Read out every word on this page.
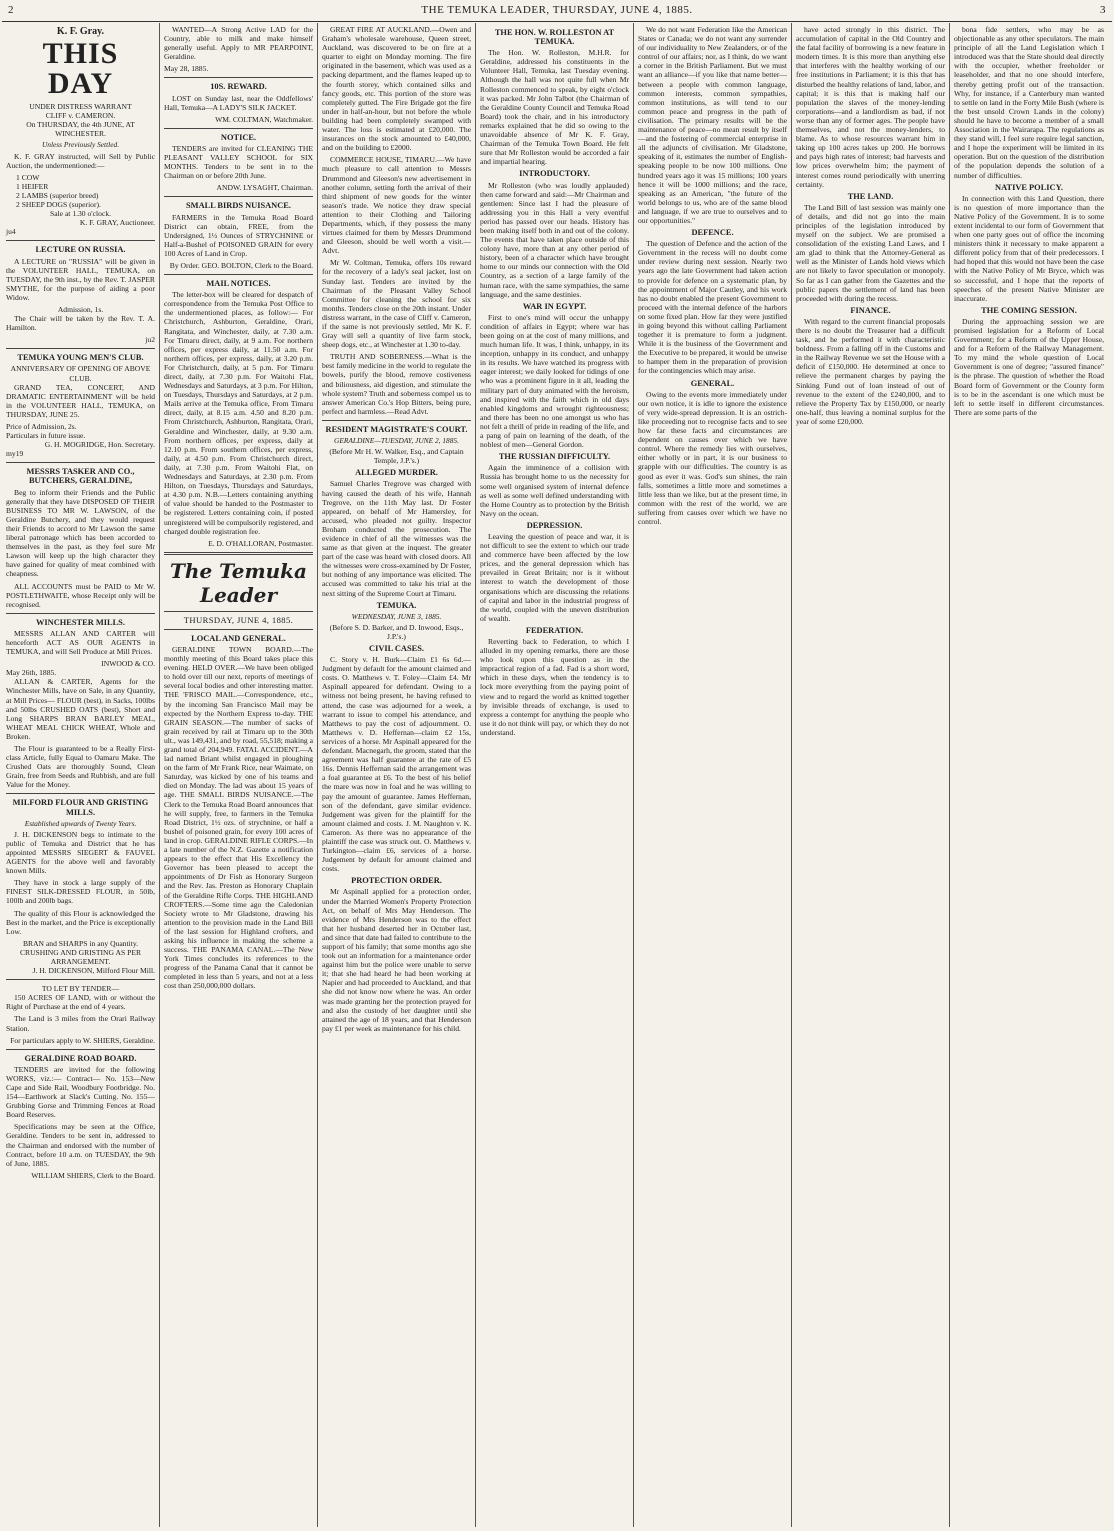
2	THE TEMUKA LEADER, THURSDAY, JUNE 4, 1885.	3
K. F. Gray.
THIS DAY
UNDER DISTRESS WARRANT
CLIFF v. CAMERON.
On THURSDAY, the 4th JUNE, AT WINCHESTER.
Unless Previously Settled.

K. F. GRAY instructed, will Sell by Public Auction, the undermentioned:—

1 COW

1 HEIFER

2 LAMBS (superior breed)

2 SHEEP DOGS (superior).

Sale at 1.30 o'clock.
K. F. GRAY, Auctioneer.
ju4
LECTURE ON RUSSIA.

A LECTURE on "RUSSIA" will be given in the VOLUNTEER HALL, TEMUKA, on TUESDAY, the 9th inst., by the Rev. T. JASPER SMYTHE, for the purpose of aiding a poor Widow.

Admission, 1s.

The Chair will be taken by the Rev. T. A. Hamilton.

ju2
TEMUKA YOUNG MEN'S CLUB.
ANNIVERSARY OF OPENING OF ABOVE CLUB.

GRAND TEA, CONCERT, AND DRAMATIC ENTERTAINMENT will be held in the VOLUNTEER HALL, TEMUKA, on THURSDAY, JUNE 25.

Price of Admission, 2s.
Particulars in future issue.
G. H. MOGRIDGE, Hon. Secretary.
my19
MESSRS TASKER AND CO., BUTCHERS, GERALDINE,

Beg to inform their Friends and the Public generally that they have DISPOSED OF THEIR BUSINESS TO MR W. LAWSON, of the Geraldine Butchery, and they would request their Friends to accord to Mr Lawson the same liberal patronage which has been accorded to themselves in the past, as they feel sure Mr Lawson will keep up the high character they have gained for quality of meat combined with cheapness.

ALL ACCOUNTS must be PAID to Mr W. POSTLETHWAITE, whose Receipt only will be recognised.

WINCHESTER MILLS.

MESSRS ALLAN AND CARTER will henceforth ACT AS OUR AGENTS in TEMUKA, and will Sell Produce at Mill Prices.

INWOOD & CO.
May 26th, 1885.

ALLAN & CARTER, Agents for the Winchester Mills, have on Sale, in any Quantity, at Mill Prices— FLOUR (best), in Sacks, 100lbs and 50lbs CRUSHED OATS (best), Short and Long SHARPS BRAN BARLEY MEAL, WHEAT MEAL CHICK WHEAT, Whole and Broken.

The Flour is guaranteed to be a Really First-class Article, fully Equal to Oamaru Make. The Crushed Oats are thoroughly Sound, Clean Grain, free from Seeds and Rubbish, and are full Value for the Money.

MILFORD FLOUR AND GRISTING MILLS.
Established upwards of Twenty Years.

J. H. DICKENSON begs to intimate to the public of Temuka and District that he has appointed MESSRS SIEGERT & FAUVEL AGENTS for the above well and favorably known Mills.

They have in stock a large supply of the FINEST SILK-DRESSED FLOUR, in 50lb, 100lb and 200lb bags.

The quality of this Flour is acknowledged the Best in the market, and the Price is exceptionally Low.

BRAN and SHARPS in any Quantity.
CRUSHING AND GRISTING AS PER ARRANGEMENT.
J. H. DICKENSON, Milford Flour Mill.
TO LET BY TENDER—

150 ACRES OF LAND, with or without the Right of Purchase at the end of 4 years.

The Land is 3 miles from the Orari Railway Station.

For particulars apply to W. SHIERS, Geraldine.
GERALDINE ROAD BOARD.

TENDERS are invited for the following WORKS, viz.:— Contract— No. 153—New Cape and Side Rail, Woodbury Footbridge. No. 154—Earthwork at Slack's Cutting. No. 155—Grubbing Gorse and Trimming Fences at Road Board Reserves.

Specifications may be seen at the Office, Geraldine. Tenders to be sent in, addressed to the Chairman and endorsed with the number of Contract, before 10 a.m. on TUESDAY, the 9th of June, 1885.

WILLIAM SHIERS, Clerk to the Board.

WANTED—A Strong Active LAD for the Country, able to milk and make himself generally useful. Apply to MR PEARPOINT, Geraldine.

May 28, 1885.
10S. REWARD.

LOST on Sunday last, near the Oddfellows' Hall, Temuka—A LADY'S SILK JACKET.

WM. COLTMAN, Watchmaker.
NOTICE.

TENDERS are invited for CLEANING THE PLEASANT VALLEY SCHOOL for SIX MONTHS. Tenders to be sent in to the Chairman on or before 20th June.

ANDW. LYSAGHT, Chairman.
SMALL BIRDS NUISANCE.

FARMERS in the Temuka Road Board District can obtain, FREE, from the Undersigned, 1½ Ounces of STRYCHNINE or Half-a-Bushel of POISONED GRAIN for every 100 Acres of Land in Crop.

By Order. GEO. BOLTON, Clerk to the Board.
MAIL NOTICES.

The letter-box will be cleared for despatch of correspondence from the Temuka Post Office to the undermentioned places, as follow:— For Christchurch, Ashburton, Geraldine, Orari, Rangitata, and Winchester, daily, at 7.30 a.m. For Timaru direct, daily, at 9 a.m. For northern offices, per express daily, at 11.50 a.m. For northern offices, per express, daily, at 3.20 p.m. For Christchurch, daily, at 5 p.m. For Timaru direct, daily, at 7.30 p.m. For Waitohi Flat, Wednesdays and Saturdays, at 3 p.m. For Hilton, on Tuesdays, Thursdays and Saturdays, at 2 p.m. Mails arrive at the Temuka office, From Timaru direct, daily, at 8.15 a.m. 4.50 and 8.20 p.m. From Christchurch, Ashburton, Rangitata, Orari, Geraldine and Winchester, daily, at 9.30 a.m. From northern offices, per express, daily at 12.10 p.m. From southern offices, per express, daily, at 4.50 p.m. From Christchurch direct, daily, at 7.30 p.m. From Waitohi Flat, on Wednesdays and Saturdays, at 2.30 p.m. From Hilton, on Tuesdays, Thursdays and Saturdays, at 4.30 p.m. N.B.—Letters containing anything of value should be handed to the Postmaster to be registered. Letters containing coin, if posted unregistered will be compulsorily registered, and charged double registration fee.

E. D. O'HALLORAN, Postmaster.
The Temuka Leader
THURSDAY, JUNE 4, 1885.
LOCAL AND GENERAL.

GERALDINE TOWN BOARD.—The monthly meeting of this Board takes place this evening. HELD OVER.—We have been obliged to hold over till our next, reports of meetings of several local bodies and other interesting matter. THE 'FRISCO MAIL.—Correspondence, etc., by the incoming San Francisco Mail may be expected by the Northern Express to-day. THE GRAIN SEASON.—The number of sacks of grain received by rail at Timaru up to the 30th ult., was 149,431, and by road, 55,518; making a grand total of 204,949. FATAL ACCIDENT.—A lad named Briant whilst engaged in ploughing on the farm of Mr Frank Rice, near Waimate, on Saturday, was kicked by one of his teams and died on Monday. The lad was about 15 years of age. THE SMALL BIRDS NUISANCE.—The Clerk to the Temuka Road Board announces that he will supply, free, to farmers in the Temuka Road District, 1½ ozs. of strychnine, or half a bushel of poisoned grain, for every 100 acres of land in crop. GERALDINE RIFLE CORPS.—In a late number of the N.Z. Gazette a notification appears to the effect that His Excellency the Governor has been pleased to accept the appointments of Dr Fish as Honorary Surgeon and the Rev. Jas. Preston as Honorary Chaplain of the Geraldine Rifle Corps. THE HIGHLAND CROFTERS.—Some time ago the Caledonian Society wrote to Mr Gladstone, drawing his attention to the provision made in the Land Bill of the last session for Highland crofters, and asking his influence in making the scheme a success. THE PANAMA CANAL.—The New York Times concludes its references to the progress of the Panama Canal that it cannot be completed in less than 5 years, and not at a less cost than 250,000,000 dollars.

GREAT FIRE AT AUCKLAND.—Owen and Graham's wholesale warehouse, Queen street, Auckland, was discovered to be on fire at a quarter to eight on Monday morning. The fire originated in the basement, which was used as a packing department, and the flames leaped up to the fourth storey, which contained silks and fancy goods, etc. This portion of the store was completely gutted. The Fire Brigade got the fire under in half-an-hour, but not before the whole building had been completely swamped with water. The loss is estimated at £20,000. The insurances on the stock amounted to £40,000, and on the building to £2000.

COMMERCE HOUSE, TIMARU.—We have much pleasure to call attention to Messrs Drummond and Gleeson's new advertisement in another column, setting forth the arrival of their third shipment of new goods for the winter season's trade. We notice they draw special attention to their Clothing and Tailoring Departments, which, if they possess the many virtues claimed for them by Messrs Drummond and Gleeson, should be well worth a visit.—Advt.

Mr W. Coltman, Temuka, offers 10s reward for the recovery of a lady's seal jacket, lost on Sunday last. Tenders are invited by the Chairman of the Pleasant Valley School Committee for cleaning the school for six months. Tenders close on the 20th instant. Under distress warrant, in the case of Cliff v. Cameron, if the same is not previously settled, Mr K. F. Gray will sell a quantity of live farm stock, sheep dogs, etc., at Winchester at 1.30 to-day.

TRUTH AND SOBERNESS.—What is the best family medicine in the world to regulate the bowels, purify the blood, remove costiveness and biliousness, aid digestion, and stimulate the whole system? Truth and soberness compel us to answer American Co.'s Hop Bitters, being pure, perfect and harmless.—Read Advt.

RESIDENT MAGISTRATE'S COURT.
GERALDINE—TUESDAY, JUNE 2, 1885.
(Before Mr H. W. Walker, Esq., and Captain Temple, J.P.'s.)
ALLEGED MURDER.

Samuel Charles Tregrove was charged with having caused the death of his wife, Hannah Tregrove, on the 11th May last. Dr Foster appeared, on behalf of Mr Hamersley, for accused, who pleaded not guilty. Inspector Broham conducted the prosecution. The evidence in chief of all the witnesses was the same as that given at the inquest. The greater part of the case was heard with closed doors. All the witnesses were cross-examined by Dr Foster, but nothing of any importance was elicited. The accused was committed to take his trial at the next sitting of the Supreme Court at Timaru.

TEMUKA.
WEDNESDAY, JUNE 3, 1885.
(Before S. D. Barker, and D. Inwood, Esqs., J.P.'s.)
CIVIL CASES.

C. Story v. H. Burk—Claim £1 6s 6d.—Judgment by default for the amount claimed and costs. O. Matthews v. T. Foley—Claim £4. Mr Aspinall appeared for defendant. Owing to a witness not being present, he having refused to attend, the case was adjourned for a week, a warrant to issue to compel his attendance, and Matthews to pay the cost of adjournment. O. Matthews v. D. Heffernan—claim £2 15s, services of a horse. Mr Aspinall appeared for the defendant. Macnegarh, the groom, stated that the agreement was half guarantee at the rate of £5 16s. Dennis Heffernan said the arrangement was a foal guarantee at £6. To the best of his belief the mare was now in foal and he was willing to pay the amount of guarantee. James Heffernan, son of the defendant, gave similar evidence. Judgement was given for the plaintiff for the amount claimed and costs. J. M. Naughton v. K. Cameron. As there was no appearance of the plaintiff the case was struck out. O. Matthews v. Turkington—claim £6, services of a horse. Judgement by default for amount claimed and costs.

PROTECTION ORDER.

Mr Aspinall applied for a protection order, under the Married Women's Property Protection Act, on behalf of Mrs May Henderson. The evidence of Mrs Henderson was to the effect that her husband deserted her in October last, and since that date had failed to contribute to the support of his family; that some months ago she took out an information for a maintenance order against him but the police were unable to serve it; that she had heard he had been working at Napier and had proceeded to Auckland, and that she did not know now where he was. An order was made granting her the protection prayed for and also the custody of her daughter until she attained the age of 18 years, and that Henderson pay £1 per week as maintenance for his child.

THE HON. W. ROLLESTON AT TEMUKA.

The Hon. W. Rolleston, M.H.R. for Geraldine, addressed his constituents in the Volunteer Hall, Temuka, last Tuesday evening. Although the hall was not quite full when Mr Rolleston commenced to speak, by eight o'clock it was packed. Mr John Talbot (the Chairman of the Geraldine County Council and Temuka Road Board) took the chair, and in his introductory remarks explained that he did so owing to the unavoidable absence of Mr K. F. Gray, Chairman of the Temuka Town Board. He felt sure that Mr Rolleston would be accorded a fair and impartial hearing.

INTRODUCTORY.

Mr Rolleston (who was loudly applauded) then came forward and said:—Mr Chairman and gentlemen: Since last I had the pleasure of addressing you in this Hall a very eventful period has passed over our heads. History has been making itself both in and out of the colony. The events that have taken place outside of this colony have, more than at any other period of history, been of a character which have brought home to our minds our connection with the Old Country, as a section of a large family of the human race, with the same sympathies, the same language, and the same destinies.

WAR IN EGYPT.

First to one's mind will occur the unhappy condition of affairs in Egypt; where war has been going on at the cost of many millions, and much human life. It was, I think, unhappy, in its inception, unhappy in its conduct, and unhappy in its results. We have watched its progress with eager interest; we daily looked for tidings of one who was a prominent figure in it all, leading the military part of duty animated with the heroism, and inspired with the faith which in old days enabled kingdoms and wrought righteousness; and there has been no one amongst us who has not felt a thrill of pride in reading of the life, and a pang of pain on learning of the death, of the noblest of men—General Gordon.

THE RUSSIAN DIFFICULTY.

Again the imminence of a collision with Russia has brought home to us the necessity for some well organised system of internal defence as well as some well defined understanding with the Home Country as to protection by the British Navy on the ocean.

DEPRESSION.

Leaving the question of peace and war, it is not difficult to see the extent to which our trade and commerce have been affected by the low prices, and the general depression which has prevailed in Great Britain; nor is it without interest to watch the development of those organisations which are discussing the relations of capital and labor in the industrial progress of the world, coupled with the uneven distribution of wealth.

FEDERATION.

Reverting back to Federation, to which I alluded in my opening remarks, there are those who look upon this question as in the impractical region of a fad. Fad is a short word, which in these days, when the tendency is to lock more everything from the paying point of view and to regard the world as knitted together by invisible threads of exchange, is used to express a contempt for anything the people who use it do not think will pay, or which they do not understand.

We do not want Federation like the American States or Canada; we do not want any surrender of our individuality to New Zealanders, or of the control of our affairs; nor, as I think, do we want a corner in the British Parliament. But we must want an alliance—if you like that name better—between a people with common language, common interests, common sympathies, common institutions, as will tend to our common peace and progress in the path of civilisation. The primary results will be the maintenance of peace—no mean result by itself—and the fostering of commercial enterprise in all the adjuncts of civilisation. Mr Gladstone, speaking of it, estimates the number of English-speaking people to be now 100 millions. One hundred years ago it was 15 millions; 100 years hence it will be 1000 millions; and the race, speaking as an American, "the future of the world belongs to us, who are of the same blood and language, if we are true to ourselves and to our opportunities."

DEFENCE.

The question of Defence and the action of the Government in the recess will no doubt come under review during next session. Nearly two years ago the late Government had taken action to provide for defence on a systematic plan, by the appointment of Major Cautley, and his work has no doubt enabled the present Government to proceed with the internal defence of the harbors on some fixed plan. How far they were justified in going beyond this without calling Parliament together it is premature to form a judgment. While it is the business of the Government and the Executive to be prepared, it would be unwise to hamper them in the preparation of provision for the contingencies which may arise.

GENERAL.

Owing to the events more immediately under our own notice, it is idle to ignore the existence of very wide-spread depression. It is an ostrich-like proceeding not to recognise facts and to see how far these facts and circumstances are dependent on causes over which we have control. Where the remedy lies with ourselves, either wholly or in part, it is our business to grapple with our difficulties. The country is as good as ever it was. God's sun shines, the rain falls, sometimes a little more and sometimes a little less than we like, but at the present time, in common with the rest of the world, we are suffering from causes over which we have no control.

have acted strongly in this district. The accumulation of capital in the Old Country and the fatal facility of borrowing is a new feature in modern times. It is this more than anything else that interferes with the healthy working of our free institutions in Parliament; it is this that has disturbed the healthy relations of land, labor, and capital; it is this that is making half our population the slaves of the money-lending corporations—and a landlordism as bad, if not worse than any of former ages. The people have themselves, and not the money-lenders, to blame. As to whose resources warrant him in taking up 100 acres takes up 200. He borrows and pays high rates of interest; bad harvests and low prices overwhelm him; the payment of interest comes round periodically with unerring certainty.

THE LAND.

The Land Bill of last session was mainly one of details, and did not go into the main principles of the legislation introduced by myself on the subject. We are promised a consolidation of the existing Land Laws, and I am glad to think that the Attorney-General as well as the Minister of Lands hold views which are not likely to favor speculation or monopoly. So far as I can gather from the Gazettes and the public papers the settlement of land has been proceeded with during the recess.

FINANCE.

With regard to the current financial proposals there is no doubt the Treasurer had a difficult task, and he performed it with characteristic boldness. From a falling off in the Customs and in the Railway Revenue we set the House with a deficit of £150,000. He determined at once to relieve the permanent charges by paying the Sinking Fund out of loan instead of out of revenue to the extent of the £240,000, and to relieve the Property Tax by £150,000, or nearly one-half, thus leaving a nominal surplus for the year of some £20,000.

bona fide settlers, who may be as objectionable as any other speculators. The main principle of all the Land Legislation which I introduced was that the State should deal directly with the occupier, whether freeholder or leaseholder, and that no one should interfere, thereby getting profit out of the transaction. Why, for instance, if a Canterbury man wanted to settle on land in the Forty Mile Bush (where is the best unsold Crown Lands in the colony) should he have to become a member of a small Association in the Wairarapa. The regulations as they stand will, I feel sure require legal sanction, and I hope the experiment will be limited in its operation. But on the question of the distribution of the population depends the solution of a number of difficulties.

NATIVE POLICY.

In connection with this Land Question, there is no question of more importance than the Native Policy of the Government. It is to some extent incidental to our form of Government that when one party goes out of office the incoming ministers think it necessary to make apparent a different policy from that of their predecessors. I had hoped that this would not have been the case with the Native Policy of Mr Bryce, which was so successful, and I hope that the reports of speeches of the present Native Minister are inaccurate.

THE COMING SESSION.

During the approaching session we are promised legislation for a Reform of Local Government; for a Reform of the Upper House, and for a Reform of the Railway Management. To my mind the whole question of Local Government is one of degree; "assured finance" is the phrase. The question of whether the Road Board form of Government or the County form is to be in the ascendant is one which must be left to settle itself in different circumstances. There are some parts of the
